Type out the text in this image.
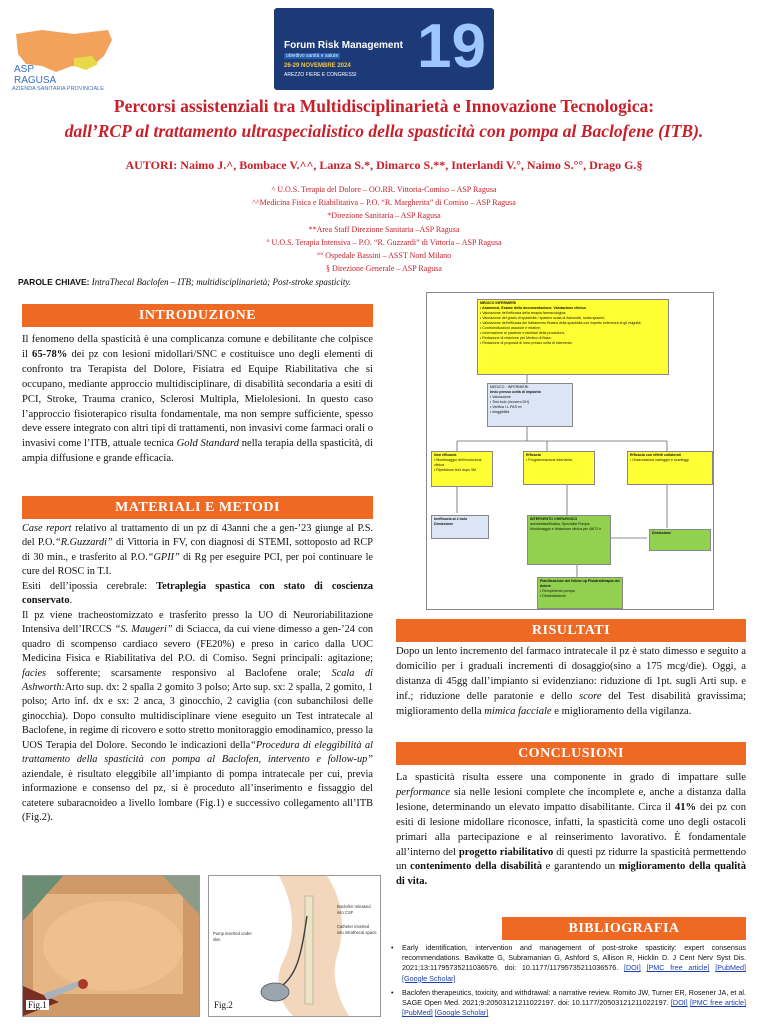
ASP
RAGUSA
AZIENDA SANITARIA PROVINCIALE
Forum Risk Management
obiettivo sanità e salute
26-29 NOVEMBRE 2024
AREZZO FIERE E CONGRESSI 19
Percorsi assistenziali tra Multidisciplinarietà e Innovazione Tecnologica:
dall’RCP al trattamento ultraspecialistico della spasticità con pompa al Baclofene (ITB).
AUTORI: Naimo J.^, Bombace V.^^, Lanza S.*, Dimarco S.**, Interlandi V.°, Naimo S.°°, Drago G.§
^ U.O.S. Terapia del Dolore – OO.RR. Vittoria-Comiso – ASP Ragusa
^^Medicina Fisica e Riabilitativa – P.O. “R. Margherita” di Comiso – ASP Ragusa
*Direzione Sanitaria – ASP Ragusa
**Area Staff Direzione Sanitaria –ASP Ragusa
° U.O.S. Terapia Intensiva – P.O. “R. Guzzardi” di Vittoria – ASP Ragusa
°° Ospedale Bassini – ASST Nord Milano
§ Direzione Generale – ASP Ragusa
PAROLE CHIAVE: IntraThecal Baclofen – ITB; multidisciplinarietà; Post-stroke spasticity.
INTRODUZIONE
Il fenomeno della spasticità è una complicanza comune e debilitante che colpisce il 65-78% dei pz con lesioni midollari/SNC e costituisce uno degli elementi di confronto tra Terapista del Dolore, Fisiatra ed Equipe Riabilitativa che si occupano, mediante approccio multidisciplinare, di disabilità secondaria a esiti di PCI, Stroke, Trauma cranico, Sclerosi Multipla, Mielolesioni. In questo caso l’approccio fisioterapico risulta fondamentale, ma non sempre sufficiente, spesso deve essere integrato con altri tipi di trattamenti, non invasivi come farmaci orali o invasivi come l’ITB, attuale tecnica Gold Standard nella terapia della spasticità, di ampia diffusione e grande efficacia.
MATERIALI E METODI

Case report relativo al trattamento di un pz di 43anni che a gen-’23 giunge al P.S. del P.O.“R.Guzzardi” di Vittoria in FV, con diagnosi di STEMI, sottoposto ad RCP di 30 min., e trasferito al P.O.“GPII” di Rg per eseguire PCI, per poi continuare le cure del ROSC in T.I.

Esiti dell’ipossia cerebrale: Tetraplegia spastica con stato di coscienza conservato.

Il pz viene tracheostomizzato e trasferito presso la UO di Neuroriabilitazione Intensiva dell’IRCCS “S. Maugeri” di Sciacca, da cui viene dimesso a gen-’24 con quadro di scompenso cardiaco severo (FE20%) e preso in carico dalla UOC Medicina Fisica e Riabilitativa del P.O. di Comiso. Segni principali: agitazione; facies sofferente; scarsamente responsivo al Baclofene orale; Scala di Ashworth:Arto sup. dx: 2 spalla 2 gomito 3 polso; Arto sup. sx: 2 spalla, 2 gomito, 1 polso; Arto inf. dx e sx: 2 anca, 3 ginocchio, 2 caviglia (con subanchilosi delle ginocchia). Dopo consulto multidisciplinare viene eseguito un Test intratecale al Baclofene, in regime di ricovero e sotto stretto monitoraggio emodinamico, presso la UOS Terapia del Dolore. Secondo le indicazioni della“Procedura di eleggibilità al trattamento della spasticità con pompa al Baclofen, intervento e follow-up” aziendale, è risultato eleggibile all’impianto di pompa intratecale per cui, previa informazione e consenso del pz, si è proceduto all’inserimento e fissaggio del catetere subaracnoideo a livello lombare (Fig.1) e successivo collegamento all’ITB (Fig.2).

Fig.1
Pump inserted under skin
Baclofen released into CSF
Catheter inserted into intrathecal space
Fig.2
MEDICO INFERMIERI
• Anamnesi, Esame della documentazione, Valutazione clinica;
• Valutazione dell’efficacia della terapia farmacologica;
• Valutazione del grado di spasticità / spasmo scala di Ashworth, scala spasmi;
• Valutazione dell’efficacia del trattamento fisiatra della spasticità con rispetto tolleranza ai gli esiguità;
• Controindicazioni assolute e relative;
• Informazione al paziente e familiari della procedura;
• Redazione di relazione per Medico di Base;
• Redazione di proposta di invio presso unità di intervento.
MEDICO - INFERMIERI
Invio presso unità di impianto
• Valutazione
• Test bolo (ricovero DH)
• Verifica I.L.PAS ex
• eleggibilità
Non efficacia
• Monitoraggio dell’evoluzione clinica
• Ripetizione test dopo 3M
Efficacia
• Programmazione intervento
Efficacia con effetti collaterali
• Osservazione carteggio e scarteggi
Inefficacia al 2 bolo Dimissione
INTERVENTO CHIRURGICO
anestesista/fisiatra, Specialist Pompa
Monitoraggio e titolazione clinica per 48/72 h
Dimissione
Pianificazione dei follow up Fisiatra/terapia del dolore
• Rempimento pompa
• Dintamitazione
RISULTATI
Dopo un lento incremento del farmaco intratecale il pz è stato dimesso e seguito a domicilio per i graduali incrementi di dosaggio(sino a 175 mcg/die). Oggi, a distanza di 45gg dall’impianto si evidenziano: riduzione di 1pt. sugli Arti sup. e inf.; riduzione delle paratonie e dello score del Test disabilità gravissima; miglioramento della mimica facciale e miglioramento della vigilanza.
CONCLUSIONI
La spasticità risulta essere una componente in grado di impattare sulle performance sia nelle lesioni complete che incomplete e, anche a distanza dalla lesione, determinando un elevato impatto disabilitante. Circa il 41% dei pz con esiti di lesione midollare riconosce, infatti, la spasticità come uno degli ostacoli primari alla partecipazione e al reinserimento lavorativo. È fondamentale all’interno del progetto riabilitativo di questi pz ridurre la spasticità permettendo un contenimento della disabilità e garantendo un miglioramento della qualità di vita.
BIBLIOGRAFIA
• Early identification, intervention and management of post-stroke spasticity: expert consensus recommendations. Bavikatte G, Subramanian G, Ashford S, Allison R, Hicklin D. J Cent Nerv Syst Dis. 2021;13:11795735211036576. doi: 10.1177/11795735211036576. [DOI] [PMC free article] [PubMed] [Google Scholar]
• Baclofen therapeutics, toxicity, and withdrawal: a narrative review. Romito JW, Turner ER, Rosener JA, et al. SAGE Open Med. 2021;9:20503121211022197. doi: 10.1177/20503121211022197. [DOI] [PMC free article] [PubMed] [Google Scholar]
